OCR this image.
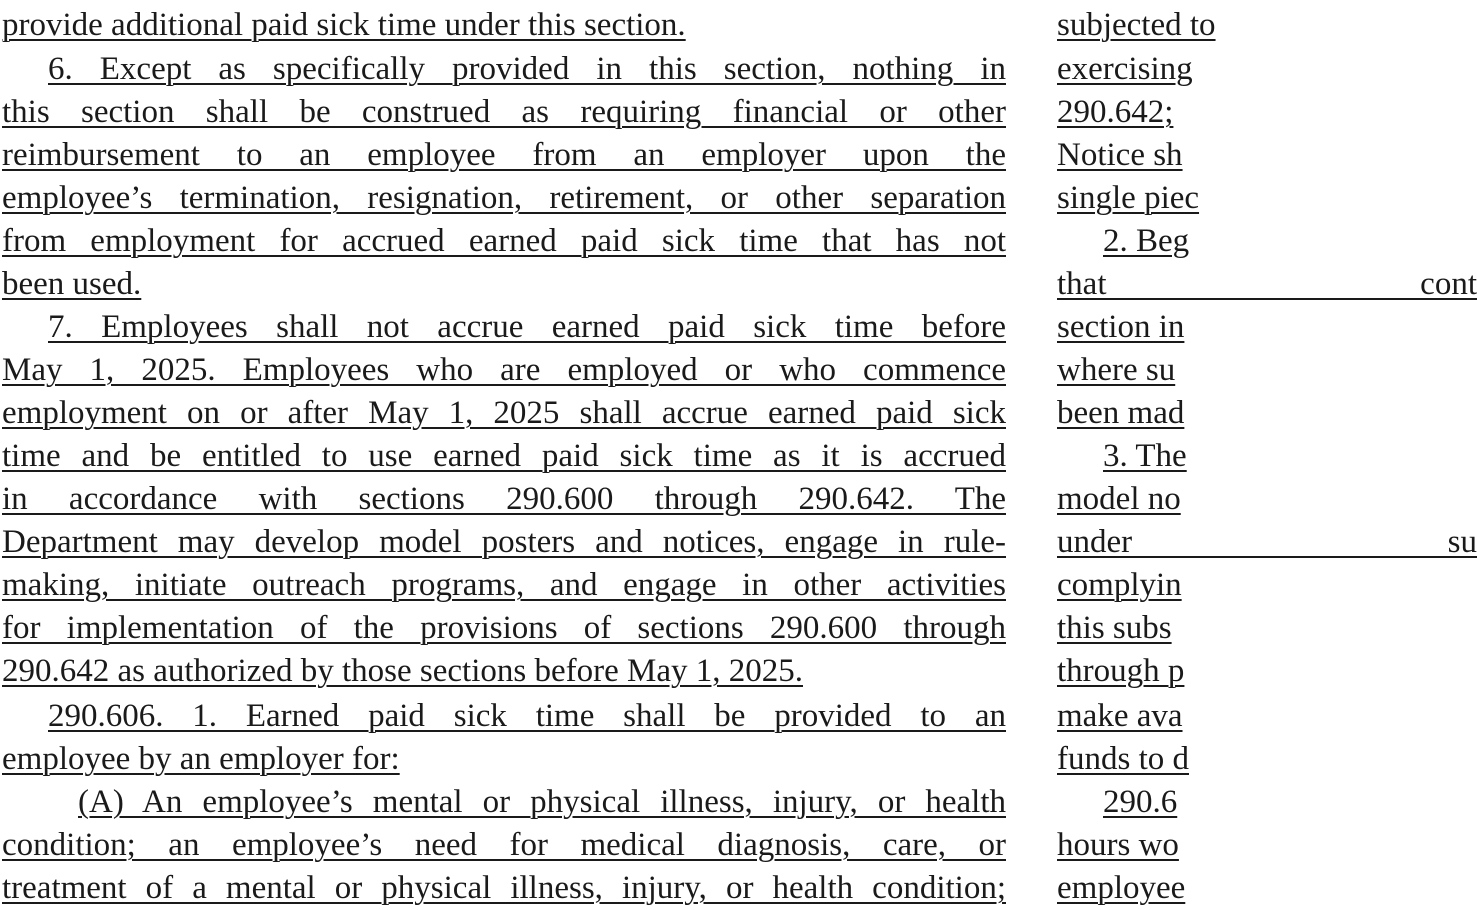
provide additional paid sick time under this section.
6. Except as specifically provided in this section, nothing in
this section shall be construed as requiring financial or other
reimbursement to an employee from an employer upon the
employee’s termination, resignation, retirement, or other separation
from employment for accrued earned paid sick time that has not
been used.
7. Employees shall not accrue earned paid sick time before
May 1, 2025. Employees who are employed or who commence
employment on or after May 1, 2025 shall accrue earned paid sick
time and be entitled to use earned paid sick time as it is accrued
in accordance with sections 290.600 through 290.642. The
Department may develop model posters and notices, engage in rule-
making, initiate outreach programs, and engage in other activities
for implementation of the provisions of sections 290.600 through
290.642 as authorized by those sections before May 1, 2025.
290.606. 1. Earned paid sick time shall be provided to an
employee by an employer for:
(A) An employee’s mental or physical illness, injury, or health
condition; an employee’s need for medical diagnosis, care, or
treatment of a mental or physical illness, injury, or health condition;
subjected to
exercising
290.642;
Notice sh
single piec
2. Beg
that cont
section in
where su
been mad
3. The
model no
under su
complyin
this subs
through p
make ava
funds to d
290.6
hours wo
employee
